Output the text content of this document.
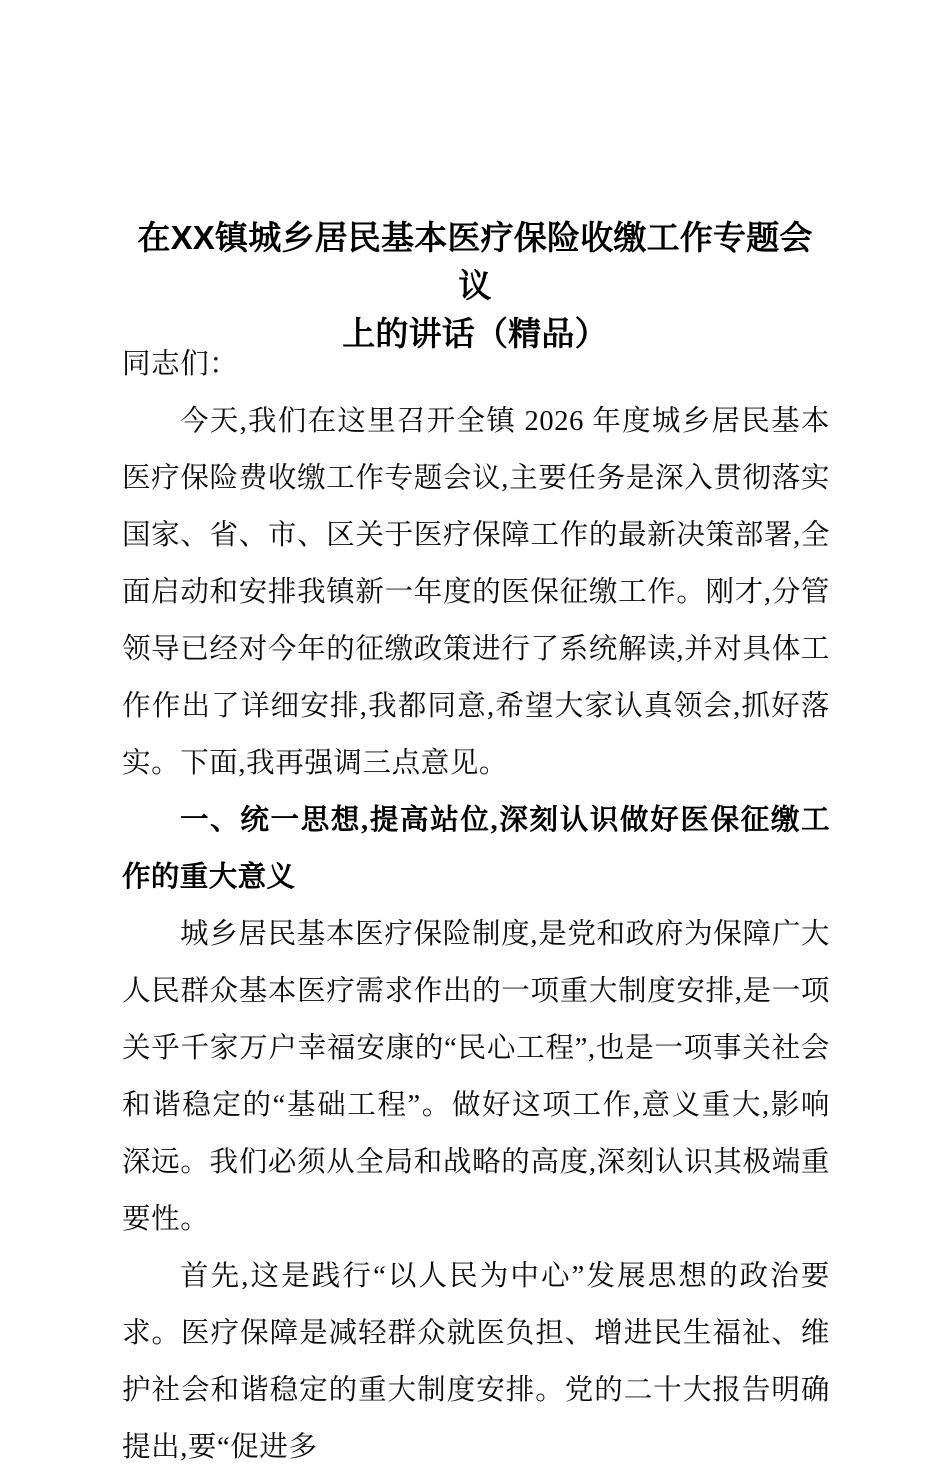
在XX镇城乡居民基本医疗保险收缴工作专题会议
上的讲话（精品）

同志们：

今天,我们在这里召开全镇 2026 年度城乡居民基本医疗保险费收缴工作专题会议,主要任务是深入贯彻落实国家、省、市、区关于医疗保障工作的最新决策部署,全面启动和安排我镇新一年度的医保征缴工作。刚才,分管领导已经对今年的征缴政策进行了系统解读,并对具体工作作出了详细安排,我都同意,希望大家认真领会,抓好落实。下面,我再强调三点意见。

一、统一思想,提高站位,深刻认识做好医保征缴工作的重大意义

城乡居民基本医疗保险制度,是党和政府为保障广大人民群众基本医疗需求作出的一项重大制度安排,是一项关乎千家万户幸福安康的“民心工程”,也是一项事关社会和谐稳定的“基础工程”。做好这项工作,意义重大,影响深远。我们必须从全局和战略的高度,深刻认识其极端重要性。

首先,这是践行“以人民为中心”发展思想的政治要求。医疗保障是减轻群众就医负担、增进民生福祉、维护社会和谐稳定的重大制度安排。党的二十大报告明确提出,要“促进多
